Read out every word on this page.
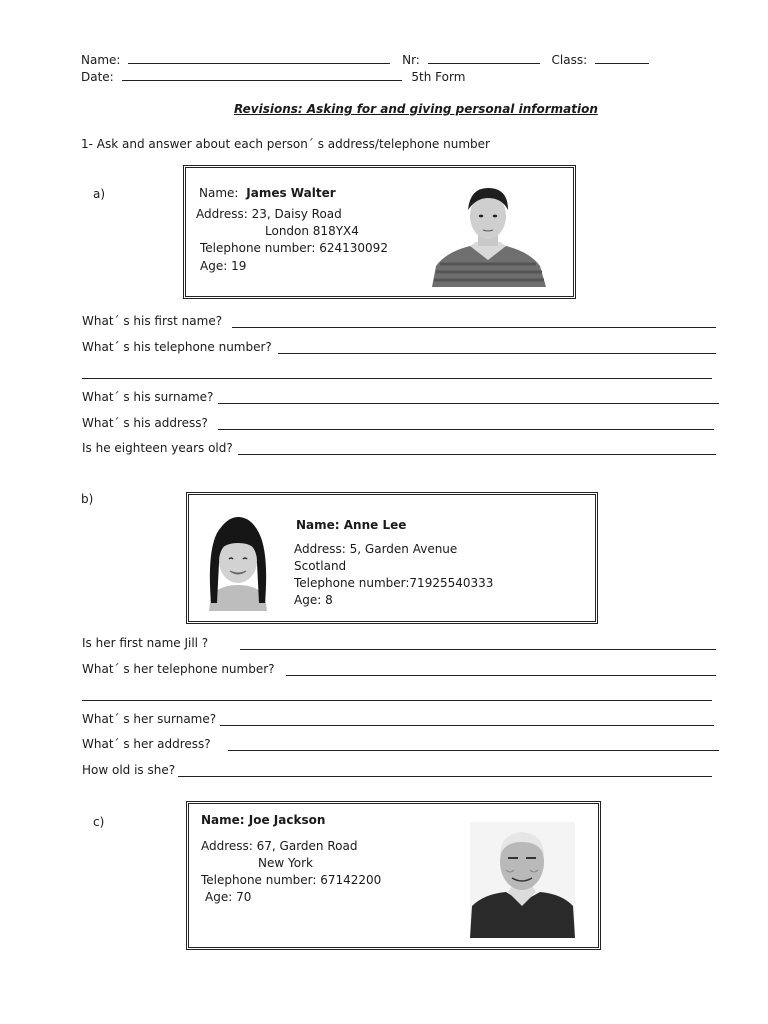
Name:	Nr:	Class:
Date:	5th Form
Revisions: Asking for and giving personal information
1- Ask and answer about each person´ s address/telephone number
a)	Name: James Walter
Address: 23, Daisy Road
London 818YX4
Telephone number: 624130092
Age: 19
What´ s his first name?
What´ s his telephone number?
What´ s his surname?
What´ s his address?
Is he eighteen years old?
b)
Name: Anne Lee
Address: 5, Garden Avenue
Scotland
Telephone number:71925540333
Age: 8
Is her first name Jill ?
What´ s her telephone number?
What´ s her surname?
What´ s her address?
How old is she?
c)	Name: Joe Jackson
Address: 67, Garden Road
New York
Telephone number: 67142200
Age: 70
